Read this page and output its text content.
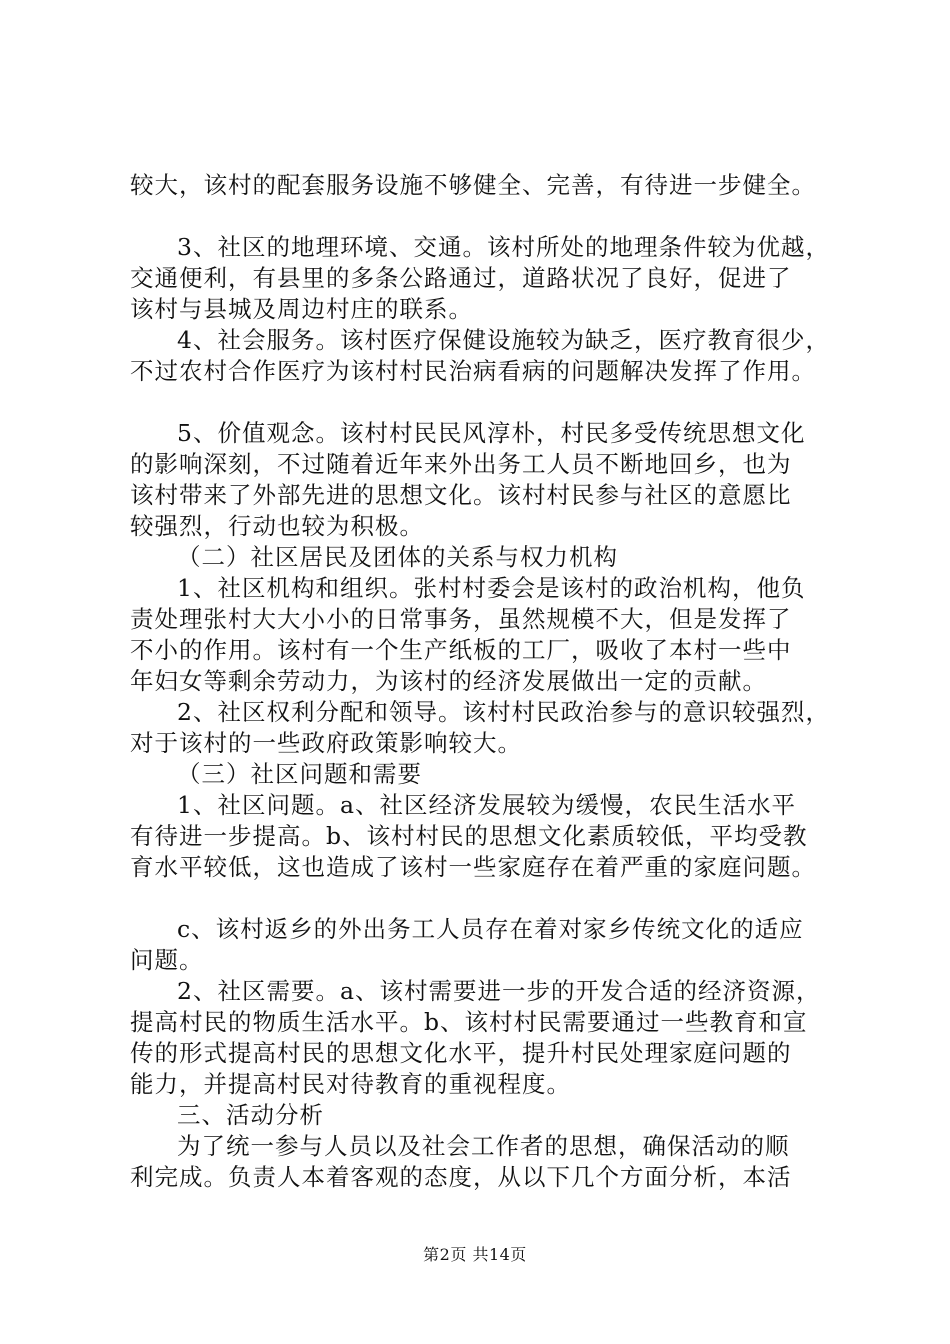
较大，该村的配套服务设施不够健全、完善，有待进一步健全。
3、社区的地理环境、交通。该村所处的地理条件较为优越，
交通便利，有县里的多条公路通过，道路状况了良好，促进了
该村与县城及周边村庄的联系。
4、社会服务。该村医疗保健设施较为缺乏，医疗教育很少，
不过农村合作医疗为该村村民治病看病的问题解决发挥了作用。
5、价值观念。该村村民民风淳朴，村民多受传统思想文化
的影响深刻，不过随着近年来外出务工人员不断地回乡，也为
该村带来了外部先进的思想文化。该村村民参与社区的意愿比
较强烈，行动也较为积极。
（二）社区居民及团体的关系与权力机构
1、社区机构和组织。张村村委会是该村的政治机构，他负
责处理张村大大小小的日常事务，虽然规模不大，但是发挥了
不小的作用。该村有一个生产纸板的工厂，吸收了本村一些中
年妇女等剩余劳动力，为该村的经济发展做出一定的贡献。
2、社区权利分配和领导。该村村民政治参与的意识较强烈，
对于该村的一些政府政策影响较大。
（三）社区问题和需要
1、社区问题。a、社区经济发展较为缓慢，农民生活水平
有待进一步提高。b、该村村民的思想文化素质较低，平均受教
育水平较低，这也造成了该村一些家庭存在着严重的家庭问题。
c、该村返乡的外出务工人员存在着对家乡传统文化的适应
问题。
2、社区需要。a、该村需要进一步的开发合适的经济资源，
提高村民的物质生活水平。b、该村村民需要通过一些教育和宣
传的形式提高村民的思想文化水平，提升村民处理家庭问题的
能力，并提高村民对待教育的重视程度。
三、活动分析
为了统一参与人员以及社会工作者的思想，确保活动的顺
利完成。负责人本着客观的态度，从以下几个方面分析，本活
第2页 共14页
